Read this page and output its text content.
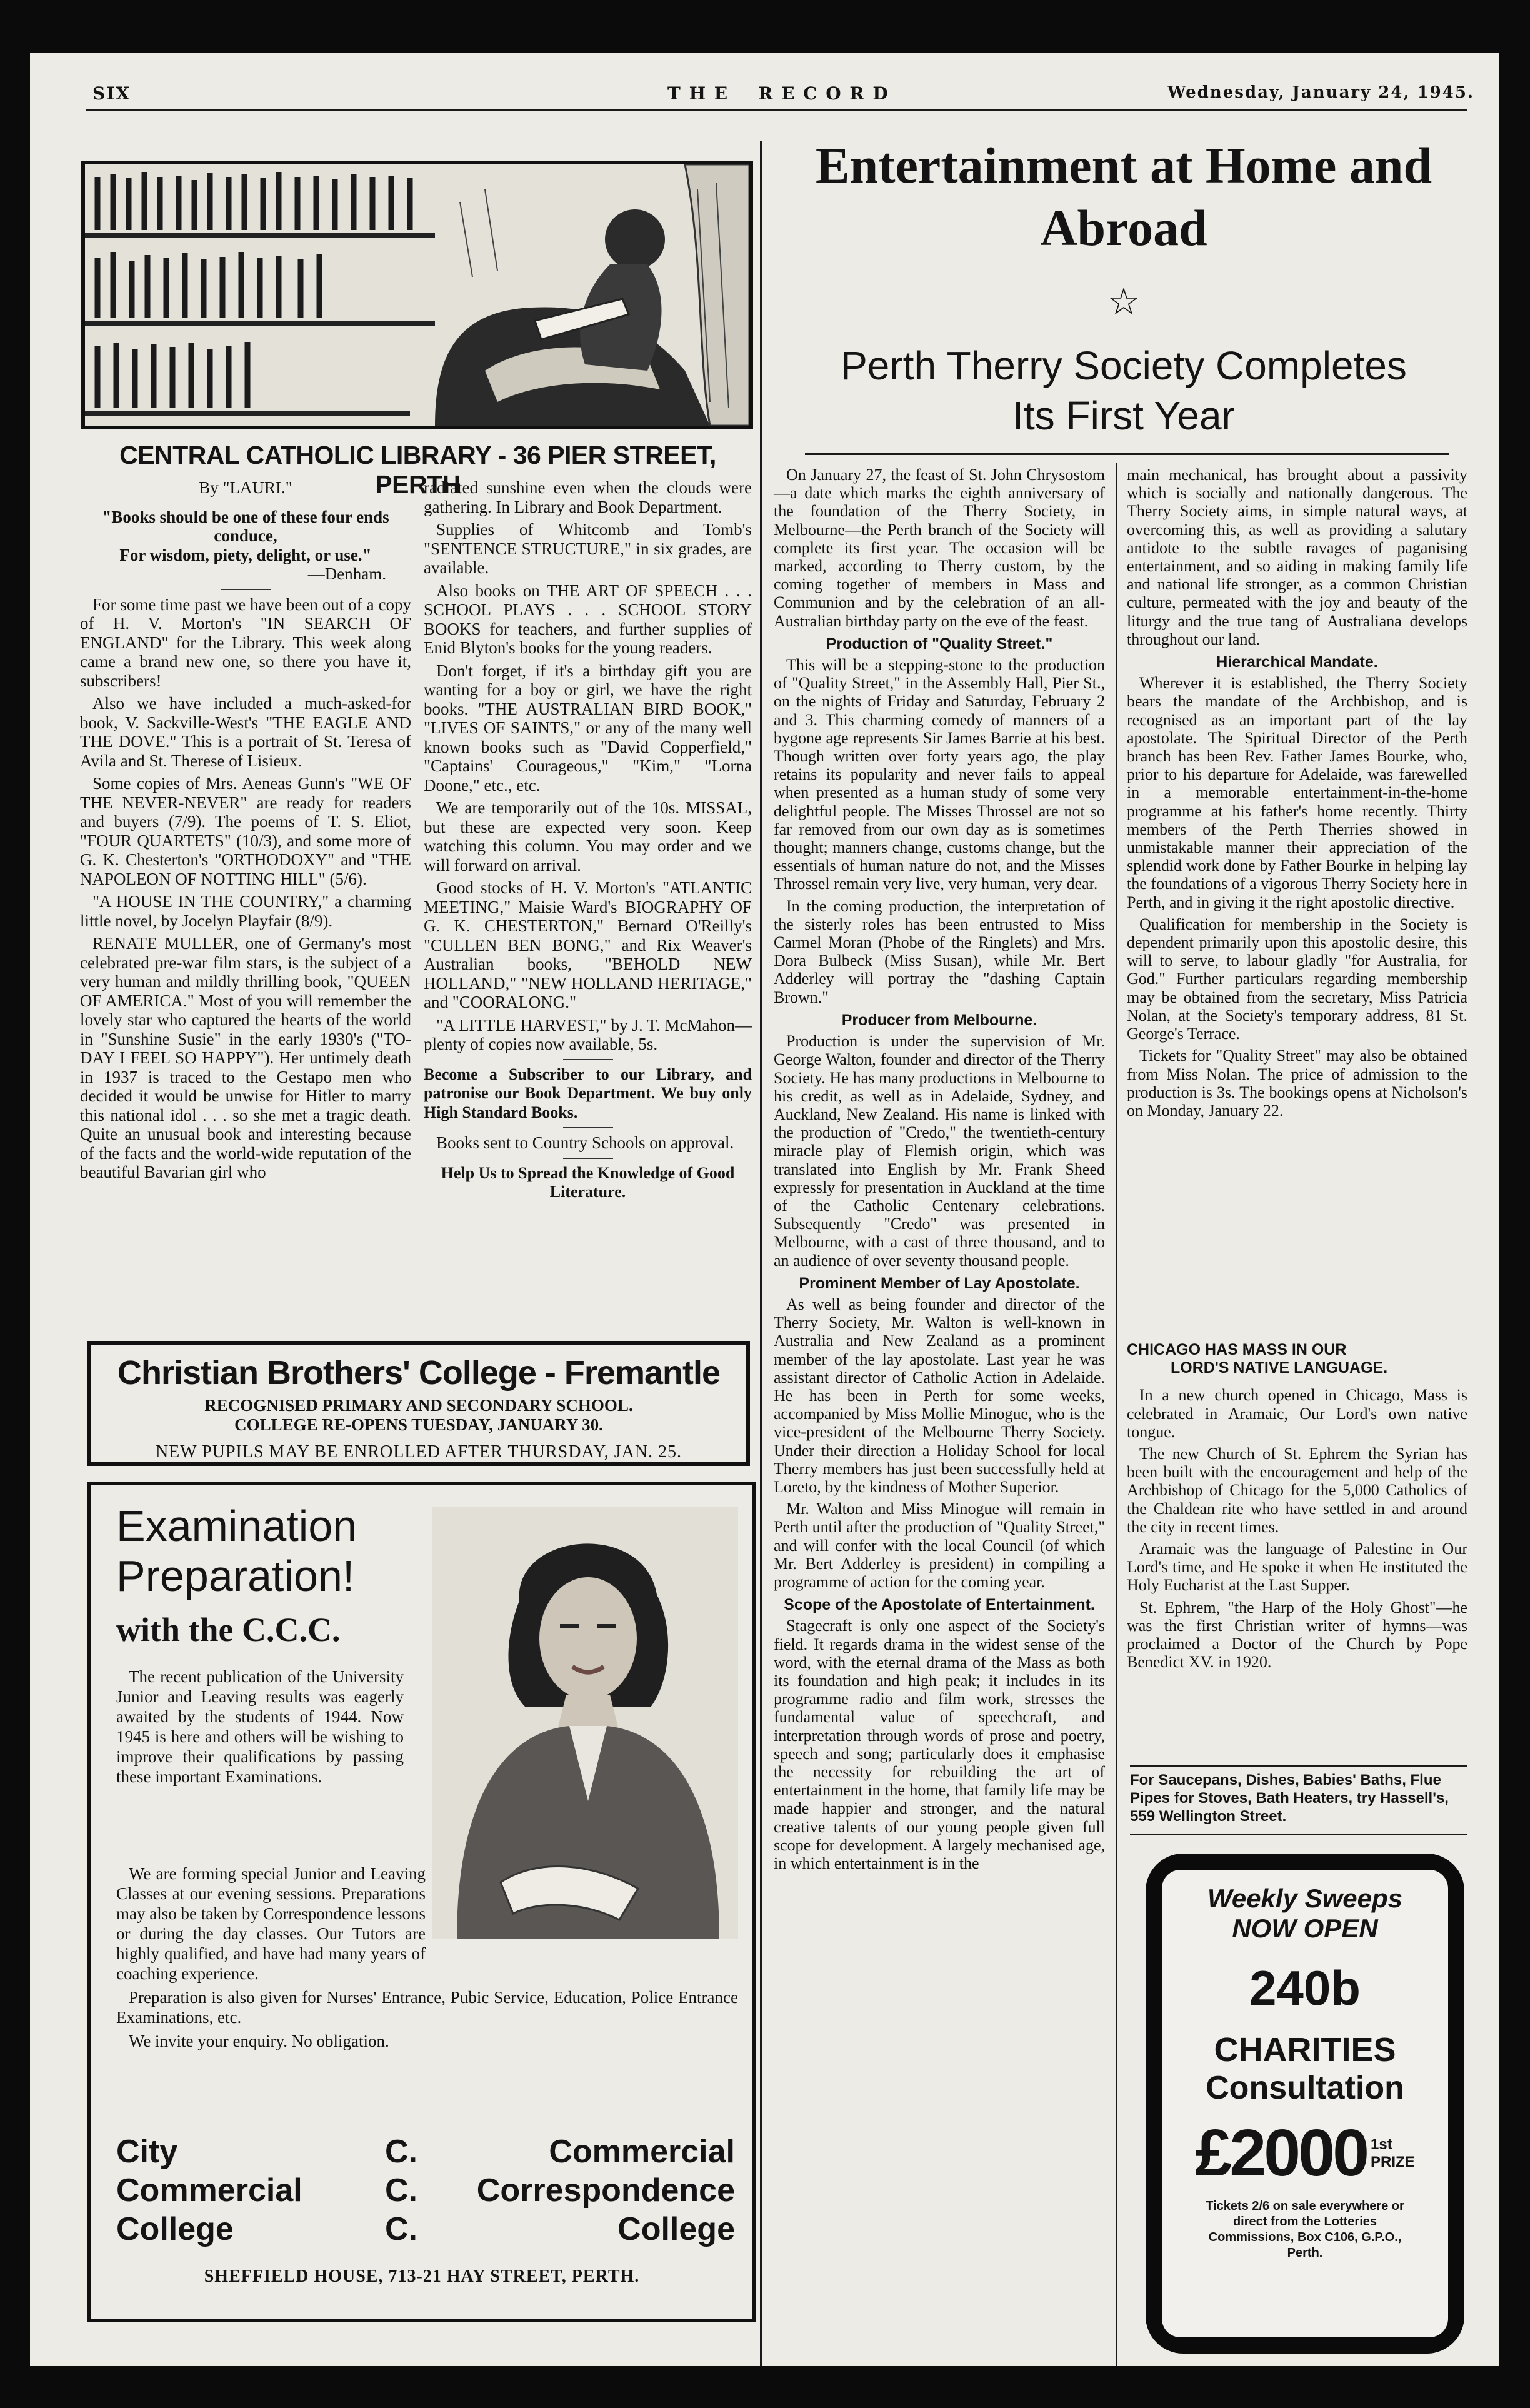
SIX	T H E    R E C O R D	Wednesday, January 24, 1945.
CENTRAL CATHOLIC LIBRARY - 36 PIER STREET, PERTH

By "LAURI."

"Books should be one of these four ends conduce,

For wisdom, piety, delight, or use."

—Denham.

For some time past we have been out of a copy of H. V. Morton's "IN SEARCH OF ENGLAND" for the Library. This week along came a brand new one, so there you have it, subscribers!

Also we have included a much-asked-for book, V. Sackville-West's "THE EAGLE AND THE DOVE." This is a portrait of St. Teresa of Avila and St. Therese of Lisieux.

Some copies of Mrs. Aeneas Gunn's "WE OF THE NEVER-NEVER" are ready for readers and buyers (7/9). The poems of T. S. Eliot, "FOUR QUARTETS" (10/3), and some more of G. K. Chesterton's "ORTHODOXY" and "THE NAPOLEON OF NOTTING HILL" (5/6).

"A HOUSE IN THE COUNTRY," a charming little novel, by Jocelyn Playfair (8/9).

RENATE MULLER, one of Germany's most celebrated pre-war film stars, is the subject of a very human and mildly thrilling book, "QUEEN OF AMERICA." Most of you will remember the lovely star who captured the hearts of the world in "Sunshine Susie" in the early 1930's ("TO-DAY I FEEL SO HAPPY"). Her untimely death in 1937 is traced to the Gestapo men who decided it would be unwise for Hitler to marry this national idol . . . so she met a tragic death. Quite an unusual book and interesting because of the facts and the world-wide reputation of the beautiful Bavarian girl who

radiated sunshine even when the clouds were gathering. In Library and Book Department.

Supplies of Whitcomb and Tomb's "SENTENCE STRUCTURE," in six grades, are available.

Also books on THE ART OF SPEECH . . . SCHOOL PLAYS . . . SCHOOL STORY BOOKS for teachers, and further supplies of Enid Blyton's books for the young readers.

Don't forget, if it's a birthday gift you are wanting for a boy or girl, we have the right books. "THE AUSTRALIAN BIRD BOOK," "LIVES OF SAINTS," or any of the many well known books such as "David Copperfield," "Captains' Courageous," "Kim," "Lorna Doone," etc., etc.

We are temporarily out of the 10s. MISSAL, but these are expected very soon. Keep watching this column. You may order and we will forward on arrival.

Good stocks of H. V. Morton's "ATLANTIC MEETING," Maisie Ward's BIOGRAPHY OF G. K. CHESTERTON," Bernard O'Reilly's "CULLEN BEN BONG," and Rix Weaver's Australian books, "BEHOLD NEW HOLLAND," "NEW HOLLAND HERITAGE," and "COORALONG."

"A LITTLE HARVEST," by J. T. McMahon—plenty of copies now available, 5s.

Become a Subscriber to our Library, and patronise our Book Department. We buy only High Standard Books.

Books sent to Country Schools on approval.

Help Us to Spread the Knowledge of Good Literature.

Christian Brothers' College - Fremantle
RECOGNISED PRIMARY AND SECONDARY SCHOOL.
COLLEGE RE-OPENS TUESDAY, JANUARY 30.
NEW PUPILS MAY BE ENROLLED AFTER THURSDAY, JAN. 25.
Examination
Preparation!
with the C.C.C.

The recent publication of the University Junior and Leaving results was eagerly awaited by the students of 1944. Now 1945 is here and others will be wishing to improve their qualifications by passing these important Examinations.

We are forming special Junior and Leaving Classes at our evening sessions. Preparations may also be taken by Correspondence lessons or during the day classes. Our Tutors are highly qualified, and have had many years of coaching experience.

Preparation is also given for Nurses' Entrance, Pubic Service, Education, Police Entrance Examinations, etc.

We invite your enquiry. No obligation.

City
Commercial
College
C.
C.
C.
Commercial
Correspondence
College
SHEFFIELD HOUSE, 713-21 HAY STREET, PERTH.
Entertainment at Home and
Abroad
☆
Perth Therry Society Completes
Its First Year

On January 27, the feast of St. John Chrysostom—a date which marks the eighth anniversary of the foundation of the Therry Society, in Melbourne—the Perth branch of the Society will complete its first year. The occasion will be marked, according to Therry custom, by the coming together of members in Mass and Communion and by the celebration of an all-Australian birthday party on the eve of the feast.

Production of "Quality Street."

This will be a stepping-stone to the production of "Quality Street," in the Assembly Hall, Pier St., on the nights of Friday and Saturday, February 2 and 3. This charming comedy of manners of a bygone age represents Sir James Barrie at his best. Though written over forty years ago, the play retains its popularity and never fails to appeal when presented as a human study of some very delightful people. The Misses Throssel are not so far removed from our own day as is sometimes thought; manners change, customs change, but the essentials of human nature do not, and the Misses Throssel remain very live, very human, very dear.

In the coming production, the interpretation of the sisterly roles has been entrusted to Miss Carmel Moran (Phobe of the Ringlets) and Mrs. Dora Bulbeck (Miss Susan), while Mr. Bert Adderley will portray the "dashing Captain Brown."

Producer from Melbourne.

Production is under the supervision of Mr. George Walton, founder and director of the Therry Society. He has many productions in Melbourne to his credit, as well as in Adelaide, Sydney, and Auckland, New Zealand. His name is linked with the production of "Credo," the twentieth-century miracle play of Flemish origin, which was translated into English by Mr. Frank Sheed expressly for presentation in Auckland at the time of the Catholic Centenary celebrations. Subsequently "Credo" was presented in Melbourne, with a cast of three thousand, and to an audience of over seventy thousand people.

Prominent Member of Lay Apostolate.

As well as being founder and director of the Therry Society, Mr. Walton is well-known in Australia and New Zealand as a prominent member of the lay apostolate. Last year he was assistant director of Catholic Action in Adelaide. He has been in Perth for some weeks, accompanied by Miss Mollie Minogue, who is the vice-president of the Melbourne Therry Society. Under their direction a Holiday School for local Therry members has just been successfully held at Loreto, by the kindness of Mother Superior.

Mr. Walton and Miss Minogue will remain in Perth until after the production of "Quality Street," and will confer with the local Council (of which Mr. Bert Adderley is president) in compiling a programme of action for the coming year.

Scope of the Apostolate of Entertainment.

Stagecraft is only one aspect of the Society's field. It regards drama in the widest sense of the word, with the eternal drama of the Mass as both its foundation and high peak; it includes in its programme radio and film work, stresses the fundamental value of speechcraft, and interpretation through words of prose and poetry, speech and song; particularly does it emphasise the necessity for rebuilding the art of entertainment in the home, that family life may be made happier and stronger, and the natural creative talents of our young people given full scope for development. A largely mechanised age, in which entertainment is in the

main mechanical, has brought about a passivity which is socially and nationally dangerous. The Therry Society aims, in simple natural ways, at overcoming this, as well as providing a salutary antidote to the subtle ravages of paganising entertainment, and so aiding in making family life and national life stronger, as a common Christian culture, permeated with the joy and beauty of the liturgy and the true tang of Australiana develops throughout our land.

Hierarchical Mandate.

Wherever it is established, the Therry Society bears the mandate of the Archbishop, and is recognised as an important part of the lay apostolate. The Spiritual Director of the Perth branch has been Rev. Father James Bourke, who, prior to his departure for Adelaide, was farewelled in a memorable entertainment-in-the-home programme at his father's home recently. Thirty members of the Perth Therries showed in unmistakable manner their appreciation of the splendid work done by Father Bourke in helping lay the foundations of a vigorous Therry Society here in Perth, and in giving it the right apostolic directive.

Qualification for membership in the Society is dependent primarily upon this apostolic desire, this will to serve, to labour gladly "for Australia, for God." Further particulars regarding membership may be obtained from the secretary, Miss Patricia Nolan, at the Society's temporary address, 81 St. George's Terrace.

Tickets for "Quality Street" may also be obtained from Miss Nolan. The price of admission to the production is 3s. The bookings opens at Nicholson's on Monday, January 22.

CHICAGO HAS MASS IN OUR
LORD'S NATIVE LANGUAGE.

In a new church opened in Chicago, Mass is celebrated in Aramaic, Our Lord's own native tongue.

The new Church of St. Ephrem the Syrian has been built with the encouragement and help of the Archbishop of Chicago for the 5,000 Catholics of the Chaldean rite who have settled in and around the city in recent times.

Aramaic was the language of Palestine in Our Lord's time, and He spoke it when He instituted the Holy Eucharist at the Last Supper.

St. Ephrem, "the Harp of the Holy Ghost"—he was the first Christian writer of hymns—was proclaimed a Doctor of the Church by Pope Benedict XV. in 1920.

For Saucepans, Dishes, Babies' Baths, Flue Pipes for Stoves, Bath Heaters, try Hassell's, 559 Wellington Street.
Weekly Sweeps
NOW OPEN
240b
CHARITIES
Consultation
£2000 1st
PRIZE
Tickets 2/6 on sale everywhere or direct from the Lotteries Commissions, Box C106, G.P.O., Perth.
